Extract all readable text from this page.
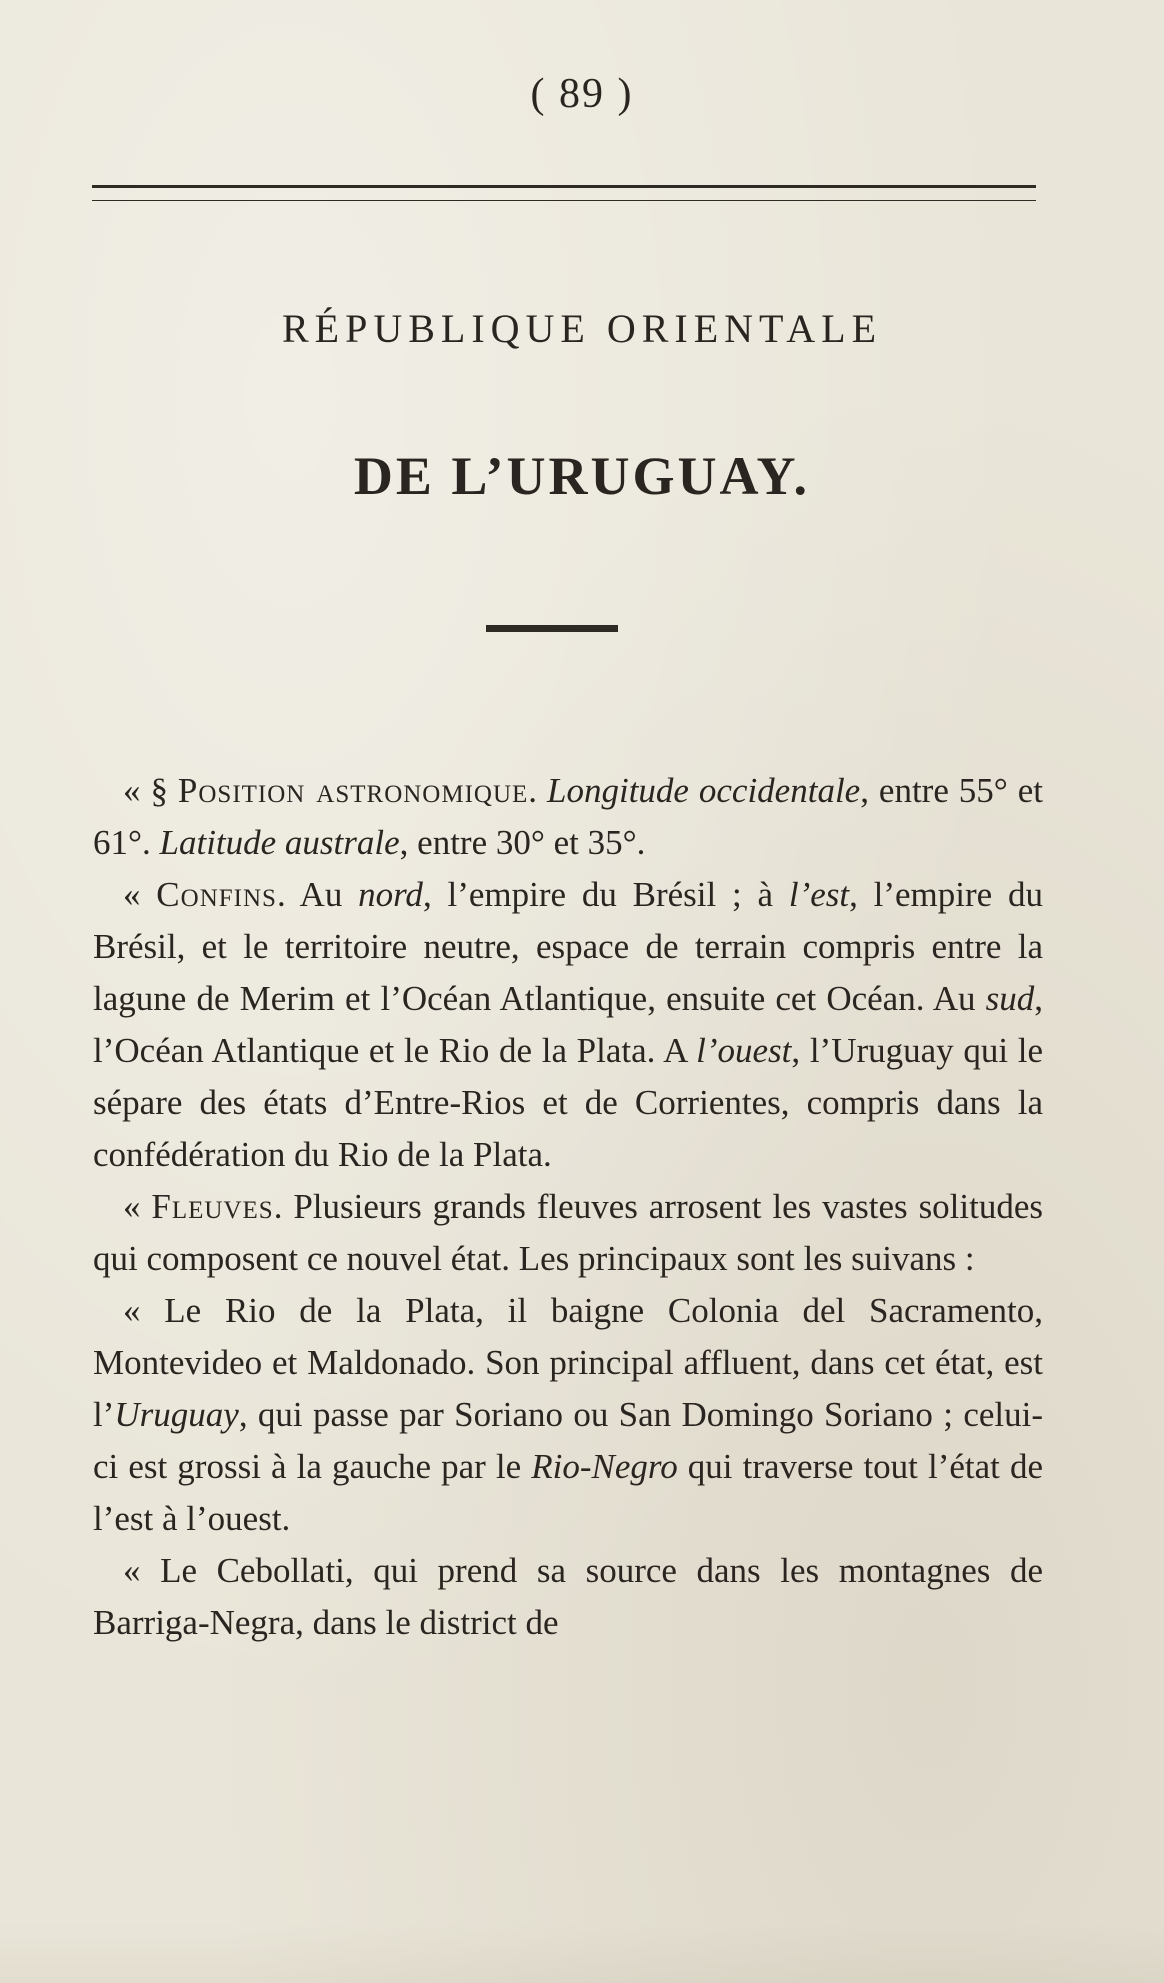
( 89 )
RÉPUBLIQUE ORIENTALE
DE L’URUGUAY.

« § Position astronomique. Longitude occidentale, entre 55° et 61°. Latitude australe, entre 30° et 35°.

« Confins. Au nord, l’empire du Brésil ; à l’est, l’empire du Brésil, et le territoire neutre, espace de terrain compris entre la lagune de Merim et l’Océan Atlantique, ensuite cet Océan. Au sud, l’Océan Atlantique et le Rio de la Plata. A l’ouest, l’Uruguay qui le sépare des états d’Entre-Rios et de Corrientes, compris dans la confédération du Rio de la Plata.

« Fleuves. Plusieurs grands fleuves arrosent les vastes solitudes qui composent ce nouvel état. Les principaux sont les suivans :

« Le Rio de la Plata, il baigne Colonia del Sacramento, Montevideo et Maldonado. Son principal affluent, dans cet état, est l’Uruguay, qui passe par Soriano ou San Domingo Soriano ; celui-ci est grossi à la gauche par le Rio-Negro qui traverse tout l’état de l’est à l’ouest.

« Le Cebollati, qui prend sa source dans les montagnes de Barriga-Negra, dans le district de
